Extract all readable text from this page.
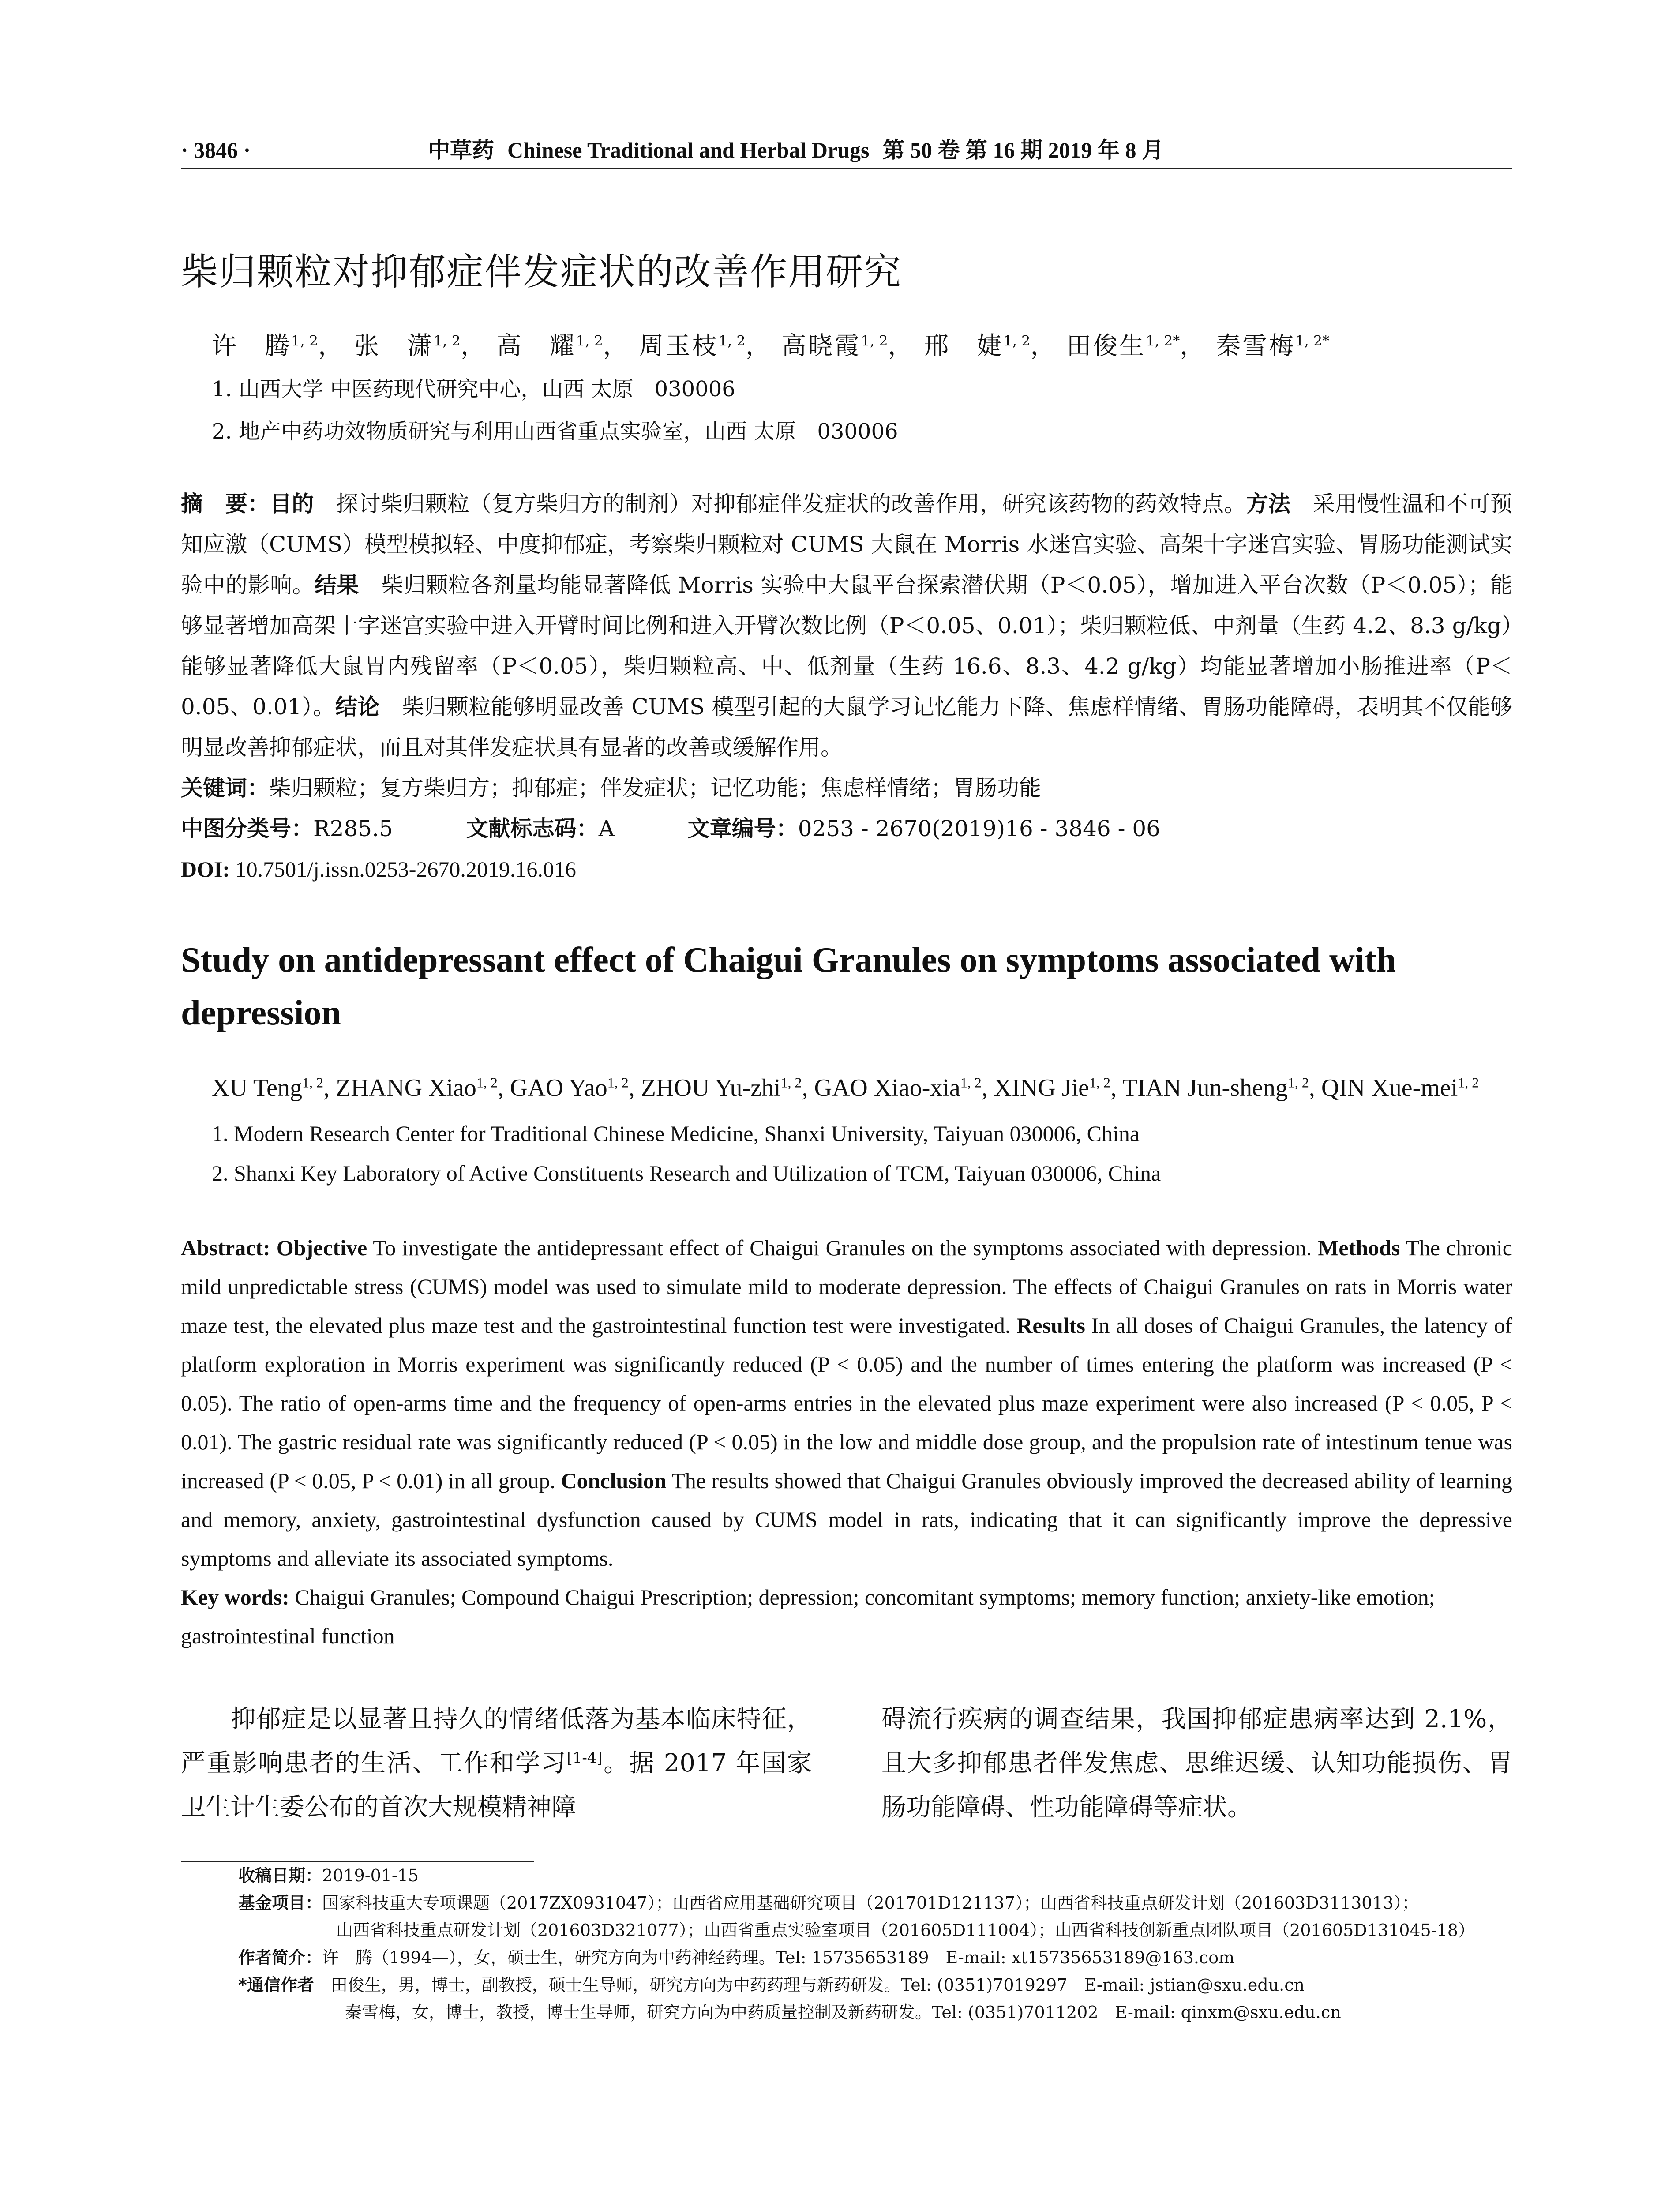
· 3846 ·	中草药 Chinese Traditional and Herbal Drugs 第 50 卷 第 16 期 2019 年 8 月
柴归颗粒对抑郁症伴发症状的改善作用研究
许　腾$^{1, 2}$， 张　潇$^{1, 2}$， 高　耀$^{1, 2}$， 周玉枝$^{1, 2}$， 高晓霞$^{1, 2}$， 邢　婕$^{1, 2}$， 田俊生$^{1, 2*}$， 秦雪梅$^{1, 2*}$
1. 山西大学 中医药现代研究中心，山西 太原　030006
2. 地产中药功效物质研究与利用山西省重点实验室，山西 太原　030006
摘　要：目的　探讨柴归颗粒（复方柴归方的制剂）对抑郁症伴发症状的改善作用，研究该药物的药效特点。方法　采用慢性温和不可预知应激（CUMS）模型模拟轻、中度抑郁症，考察柴归颗粒对 CUMS 大鼠在 Morris 水迷宫实验、高架十字迷宫实验、胃肠功能测试实验中的影响。结果　柴归颗粒各剂量均能显著降低 Morris 实验中大鼠平台探索潜伏期（P＜0.05），增加进入平台次数（P＜0.05）；能够显著增加高架十字迷宫实验中进入开臂时间比例和进入开臂次数比例（P＜0.05、0.01）；柴归颗粒低、中剂量（生药 4.2、8.3 g/kg）能够显著降低大鼠胃内残留率（P＜0.05），柴归颗粒高、中、低剂量（生药 16.6、8.3、4.2 g/kg）均能显著增加小肠推进率（P＜0.05、0.01）。结论　柴归颗粒能够明显改善 CUMS 模型引起的大鼠学习记忆能力下降、焦虑样情绪、胃肠功能障碍，表明其不仅能够明显改善抑郁症状，而且对其伴发症状具有显著的改善或缓解作用。
关键词：柴归颗粒；复方柴归方；抑郁症；伴发症状；记忆功能；焦虑样情绪；胃肠功能
中图分类号：R285.5	文献标志码：A	文章编号：0253 - 2670(2019)16 - 3846 - 06
DOI: 10.7501/j.issn.0253-2670.2019.16.016
Study on antidepressant effect of Chaigui Granules on symptoms associated with depression
XU Teng$^{1, 2}$, ZHANG Xiao$^{1, 2}$, GAO Yao$^{1, 2}$, ZHOU Yu-zhi$^{1, 2}$, GAO Xiao-xia$^{1, 2}$, XING Jie$^{1, 2}$, TIAN Jun-sheng$^{1, 2}$, QIN Xue-mei$^{1, 2}$
1. Modern Research Center for Traditional Chinese Medicine, Shanxi University, Taiyuan 030006, China
2. Shanxi Key Laboratory of Active Constituents Research and Utilization of TCM, Taiyuan 030006, China
Abstract: Objective To investigate the antidepressant effect of Chaigui Granules on the symptoms associated with depression. Methods The chronic mild unpredictable stress (CUMS) model was used to simulate mild to moderate depression. The effects of Chaigui Granules on rats in Morris water maze test, the elevated plus maze test and the gastrointestinal function test were investigated. Results In all doses of Chaigui Granules, the latency of platform exploration in Morris experiment was significantly reduced (P < 0.05) and the number of times entering the platform was increased (P < 0.05). The ratio of open-arms time and the frequency of open-arms entries in the elevated plus maze experiment were also increased (P < 0.05, P < 0.01). The gastric residual rate was significantly reduced (P < 0.05) in the low and middle dose group, and the propulsion rate of intestinum tenue was increased (P < 0.05, P < 0.01) in all group. Conclusion The results showed that Chaigui Granules obviously improved the decreased ability of learning and memory, anxiety, gastrointestinal dysfunction caused by CUMS model in rats, indicating that it can significantly improve the depressive symptoms and alleviate its associated symptoms.
Key words: Chaigui Granules; Compound Chaigui Prescription; depression; concomitant symptoms; memory function; anxiety-like emotion; gastrointestinal function
抑郁症是以显著且持久的情绪低落为基本临床特征，严重影响患者的生活、工作和学习[1-4]。据 2017 年国家卫生计生委公布的首次大规模精神障
碍流行疾病的调查结果，我国抑郁症患病率达到 2.1%，且大多抑郁患者伴发焦虑、思维迟缓、认知功能损伤、胃肠功能障碍、性功能障碍等症状。
收稿日期：2019-01-15
基金项目：国家科技重大专项课题（2017ZX0931047）；山西省应用基础研究项目（201701D121137）；山西省科技重点研发计划（201603D3113013）；
山西省科技重点研发计划（201603D321077）；山西省重点实验室项目（201605D111004）；山西省科技创新重点团队项目（201605D131045-18）
作者简介：许　腾（1994—），女，硕士生，研究方向为中药神经药理。Tel: 15735653189　E-mail: xt15735653189@163.com
*通信作者　田俊生，男，博士，副教授，硕士生导师，研究方向为中药药理与新药研发。Tel: (0351)7019297　E-mail: jstian@sxu.edu.cn
秦雪梅，女，博士，教授，博士生导师，研究方向为中药质量控制及新药研发。Tel: (0351)7011202　E-mail: qinxm@sxu.edu.cn
